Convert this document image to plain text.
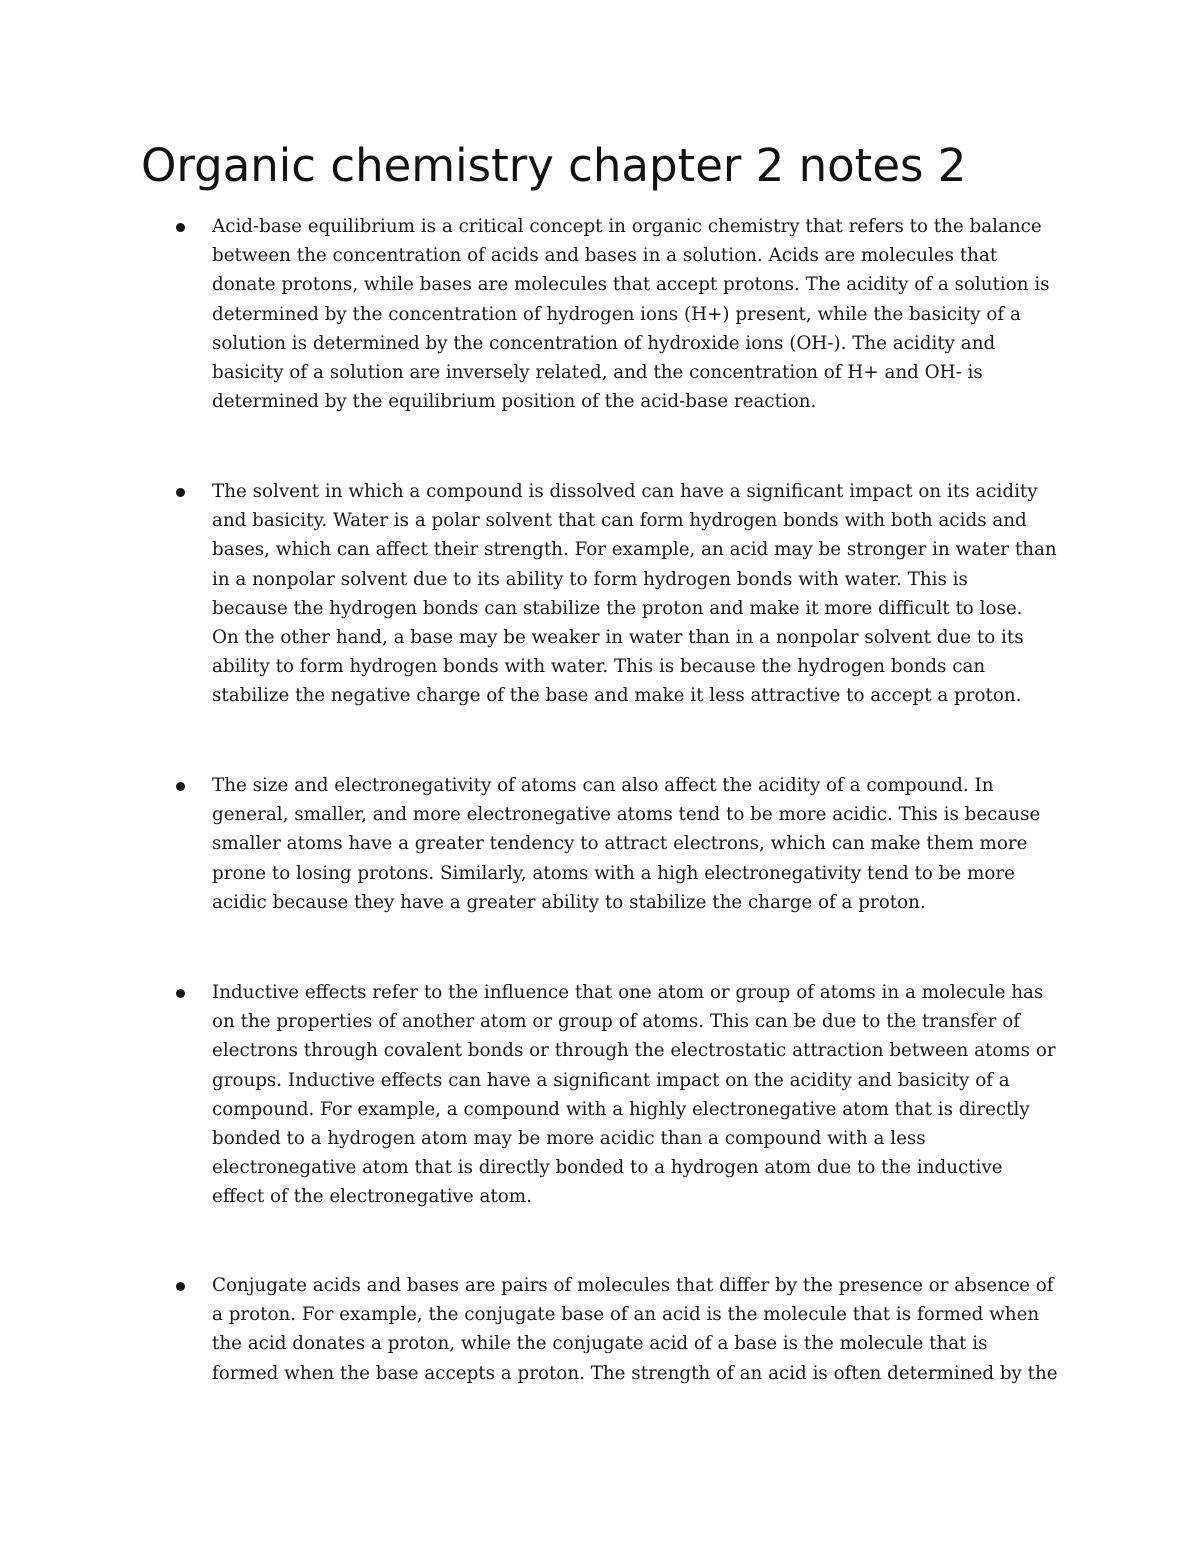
Organic chemistry chapter 2 notes 2

Acid-base equilibrium is a critical concept in organic chemistry that refers to the balance
between the concentration of acids and bases in a solution. Acids are molecules that
donate protons, while bases are molecules that accept protons. The acidity of a solution is
determined by the concentration of hydrogen ions (H+) present, while the basicity of a
solution is determined by the concentration of hydroxide ions (OH-). The acidity and
basicity of a solution are inversely related, and the concentration of H+ and OH- is
determined by the equilibrium position of the acid-base reaction.

The solvent in which a compound is dissolved can have a significant impact on its acidity
and basicity. Water is a polar solvent that can form hydrogen bonds with both acids and
bases, which can affect their strength. For example, an acid may be stronger in water than
in a nonpolar solvent due to its ability to form hydrogen bonds with water. This is
because the hydrogen bonds can stabilize the proton and make it more difficult to lose.
On the other hand, a base may be weaker in water than in a nonpolar solvent due to its
ability to form hydrogen bonds with water. This is because the hydrogen bonds can
stabilize the negative charge of the base and make it less attractive to accept a proton.

The size and electronegativity of atoms can also affect the acidity of a compound. In
general, smaller, and more electronegative atoms tend to be more acidic. This is because
smaller atoms have a greater tendency to attract electrons, which can make them more
prone to losing protons. Similarly, atoms with a high electronegativity tend to be more
acidic because they have a greater ability to stabilize the charge of a proton.

Inductive effects refer to the influence that one atom or group of atoms in a molecule has
on the properties of another atom or group of atoms. This can be due to the transfer of
electrons through covalent bonds or through the electrostatic attraction between atoms or
groups. Inductive effects can have a significant impact on the acidity and basicity of a
compound. For example, a compound with a highly electronegative atom that is directly
bonded to a hydrogen atom may be more acidic than a compound with a less
electronegative atom that is directly bonded to a hydrogen atom due to the inductive
effect of the electronegative atom.

Conjugate acids and bases are pairs of molecules that differ by the presence or absence of
a proton. For example, the conjugate base of an acid is the molecule that is formed when
the acid donates a proton, while the conjugate acid of a base is the molecule that is
formed when the base accepts a proton. The strength of an acid is often determined by the
